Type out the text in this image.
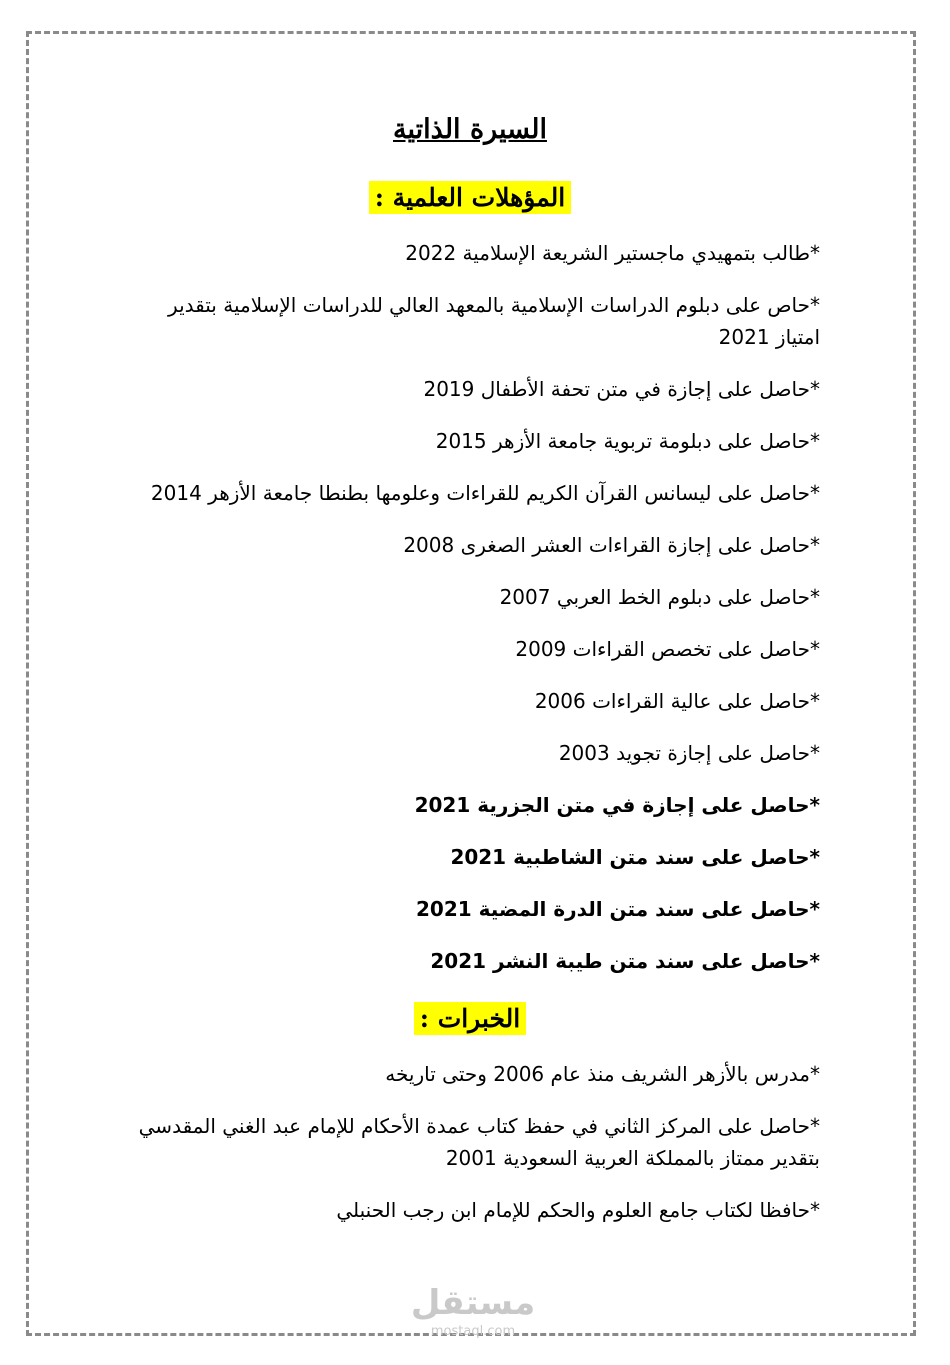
السيرة الذاتية
المؤهلات العلمية :
*طالب بتمهيدي ماجستير الشريعة الإسلامية 2022
*حاص على دبلوم الدراسات الإسلامية بالمعهد العالي للدراسات الإسلامية بتقدير امتياز 2021
*حاصل على إجازة في متن تحفة الأطفال 2019
*حاصل على دبلومة تربوية جامعة الأزهر 2015
*حاصل على ليسانس القرآن الكريم للقراءات وعلومها بطنطا جامعة الأزهر 2014
*حاصل على إجازة القراءات العشر الصغرى 2008
*حاصل على دبلوم الخط العربي 2007
*حاصل على تخصص القراءات 2009
*حاصل على عالية القراءات 2006
*حاصل على إجازة تجويد 2003
*حاصل على إجازة في متن الجزرية 2021
*حاصل على سند متن الشاطبية 2021
*حاصل على سند متن الدرة المضية 2021
*حاصل على سند متن طيبة النشر 2021
الخبرات :
*مدرس بالأزهر الشريف منذ عام 2006 وحتى تاريخه
*حاصل على المركز الثاني في حفظ كتاب عمدة الأحكام للإمام عبد الغني المقدسي بتقدير ممتاز بالمملكة العربية السعودية 2001
*حافظا لكتاب جامع العلوم والحكم للإمام ابن رجب الحنبلي
مستقل
mostaql.com
